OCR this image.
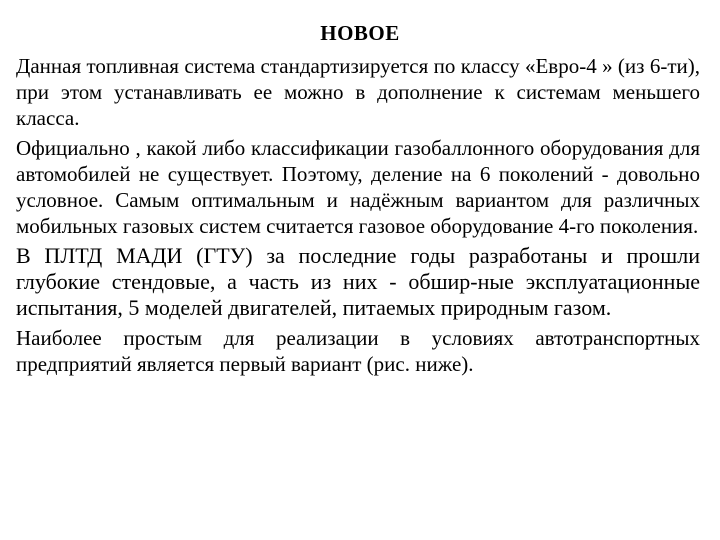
НОВОЕ

Данная топливная система стандартизируется по классу «Евро-4 » (из 6-ти), при этом устанавливать ее можно в дополнение к системам меньшего класса.

Официально , какой либо классификации газобаллонного оборудования для автомобилей не существует. Поэтому, деление на 6 поколений - довольно условное. Самым оптимальным и надёжным вариантом для различных мобильных газовых систем считается газовое оборудование 4-го поколения.

В ПЛТД МАДИ (ГТУ) за последние годы разработаны и прошли глубокие стендовые, а часть из них - обшир-ные эксплуатационные испытания, 5 моделей двигателей, питаемых природным газом.

Наиболее простым для реализации в условиях автотранспортных предприятий является первый вариант (рис. ниже).
